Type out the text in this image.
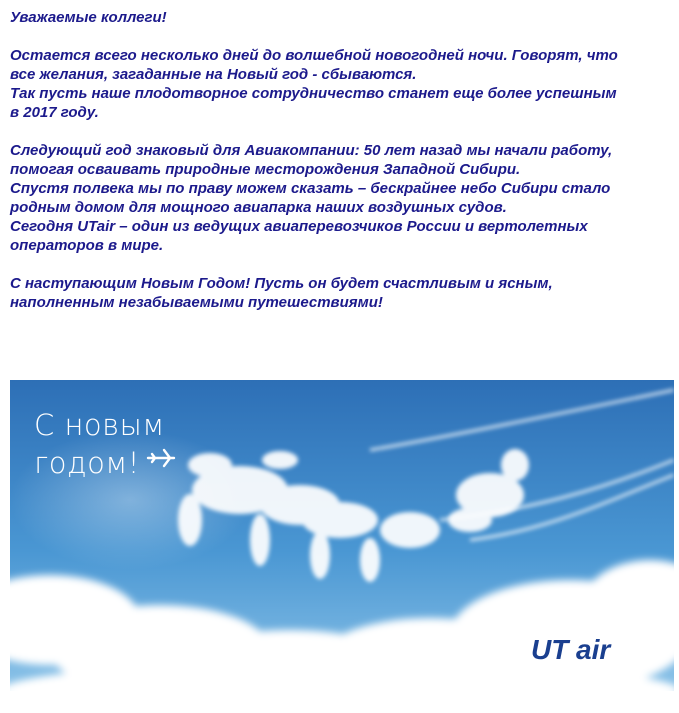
Уважаемые коллеги!

Остается всего несколько дней до волшебной новогодней ночи. Говорят, что
все желания, загаданные на Новый год - сбываются.
Так пусть наше плодотворное сотрудничество станет еще более успешным
в 2017 году.

Следующий год знаковый для Авиакомпании: 50 лет назад мы начали работу,
помогая осваивать природные месторождения Западной Сибири.
Спустя полвека мы по праву можем сказать – бескрайнее небо Сибири стало
родным домом для мощного авиапарка наших воздушных судов.
Сегодня UTair – один из ведущих авиаперевозчиков России и вертолетных
операторов в мире.

С наступающим Новым Годом! Пусть он будет счастливым и ясным,
наполненным незабываемыми путешествиями!

UT air
С новым
годом!
